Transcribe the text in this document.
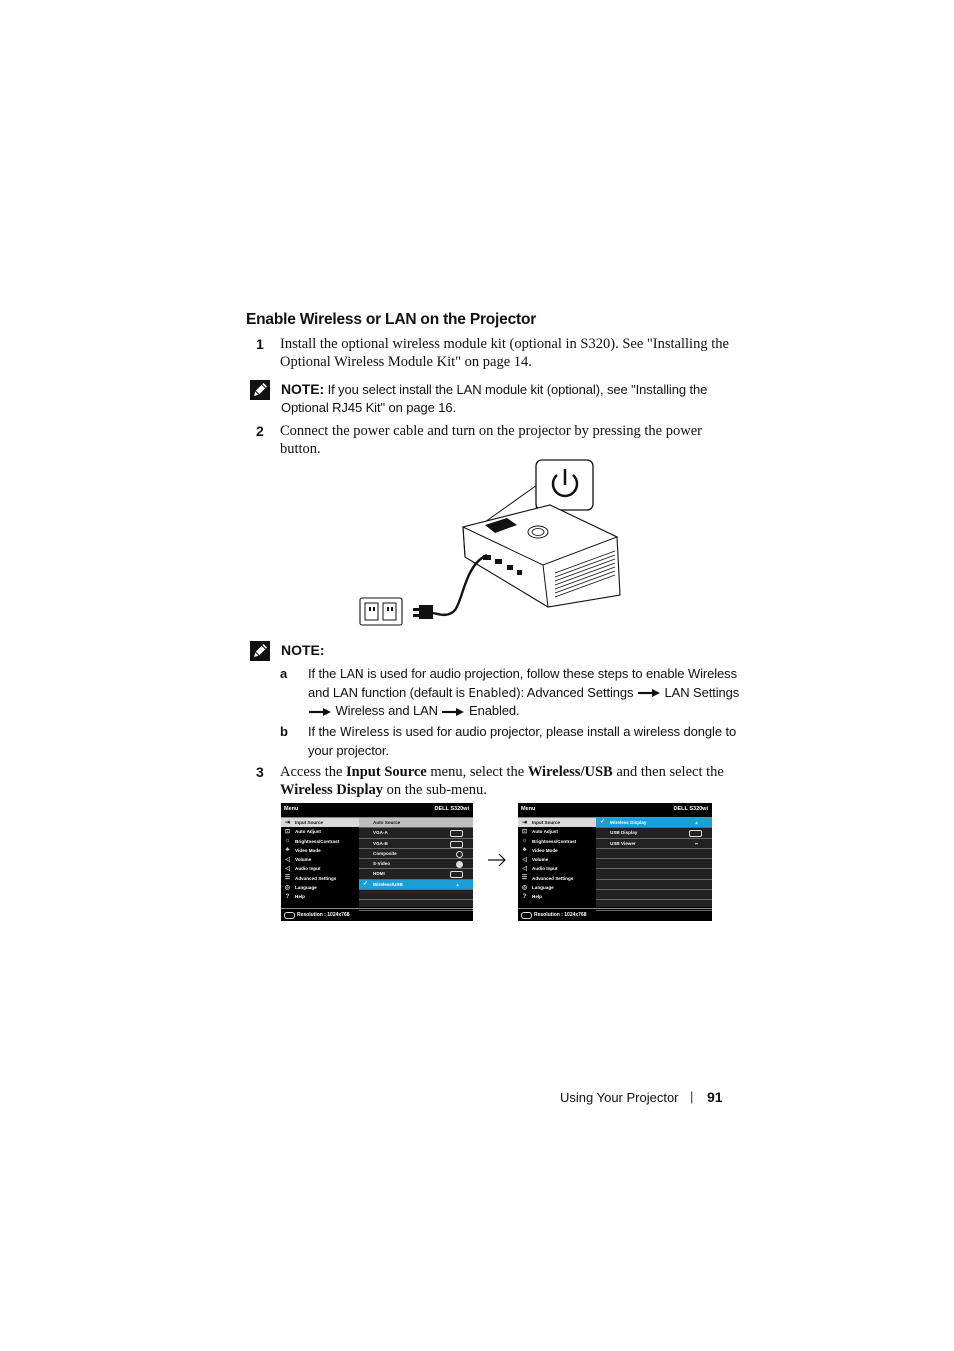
Enable Wireless or LAN on the Projector
1 Install the optional wireless module kit (optional in S320). See "Installing the
Optional Wireless Module Kit" on page 14.
NOTE: If you select install the LAN module kit (optional), see "Installing the
Optional RJ45 Kit" on page 16.
2 Connect the power cable and turn on the projector by pressing the power
button.
NOTE:
a If the LAN is used for audio projection, follow these steps to enable Wireless
and LAN function (default is Enabled): Advanced Settings LAN Settings
Wireless and LAN Enabled.
b If the Wireless is used for audio projector, please install a wireless dongle to
your projector.
3 Access the Input Source menu, select the Wireless/USB and then select the
Wireless Display on the sub-menu.
Menu	DELL S320wi
⇥ Input Source
⊡ Auto Adjust
☼ Brightness/Contrast
♣	Video Mode
◁ Volume
◁ Audio Input
☰ Advanced Settings
◎ Language
?	Help
Auto Source
VGA-A
VGA-B
Composite
S-Video
HDMI
✓ Wireless/USB	⩚
Resolution : 1024x768
Menu	DELL S320wi
⇥ Input Source
⊡ Auto Adjust
☼ Brightness/Contrast
♣	Video Mode
◁ Volume
◁ Audio Input
☰ Advanced Settings
◎ Language
?	Help
✓ Wireless Display	⩚
USB Display
USB Viewer	⭠
Resolution : 1024x768
Using Your Projector | 91
